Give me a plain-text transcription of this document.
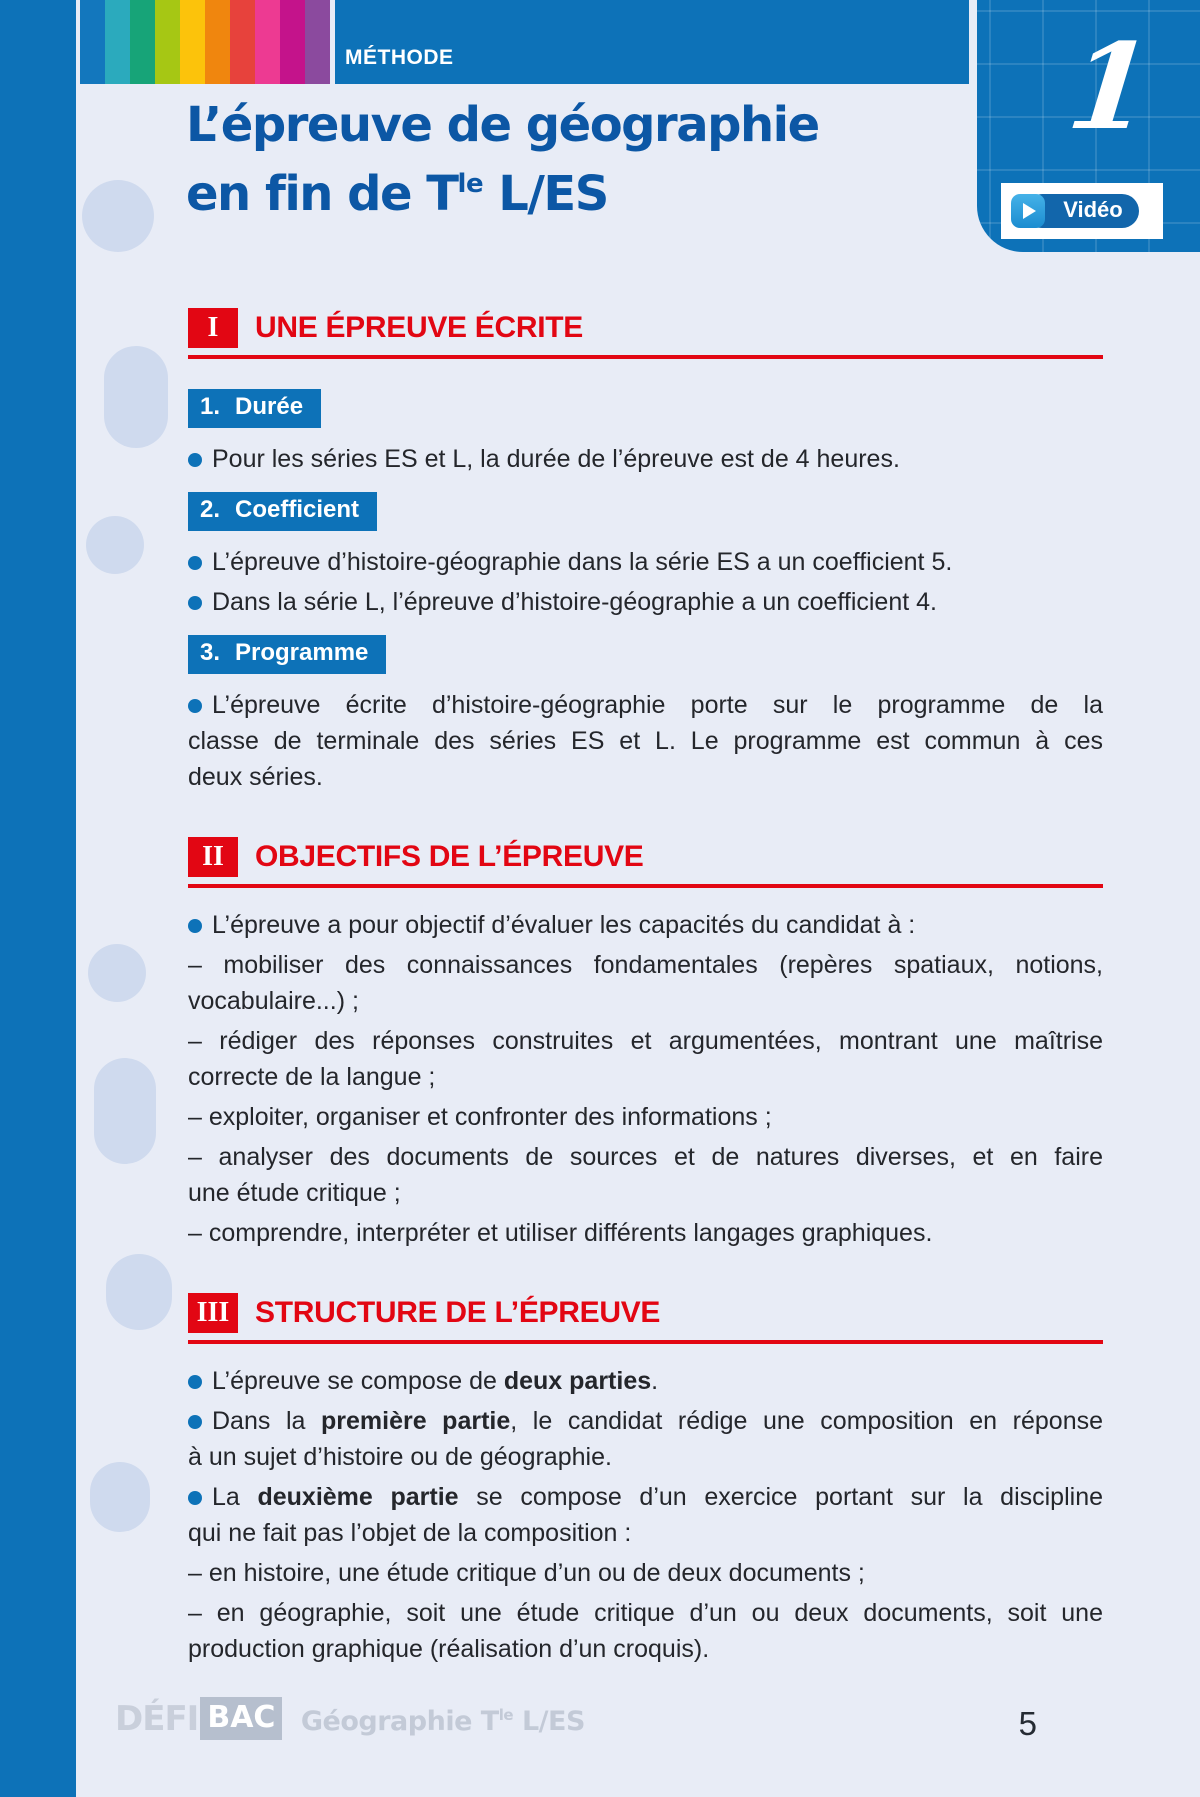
MÉTHODE	1
Vidéo
L’épreuve de géographie
en fin de $T^{le}$ L/ES
I	UNE ÉPREUVE ÉCRITE
1. Durée
Pour les séries ES et L, la durée de l’épreuve est de 4 heures.
2. Coefficient
L’épreuve d’histoire-géographie dans la série ES a un coefficient 5.
Dans la série L, l’épreuve d’histoire-géographie a un coefficient 4.
3. Programme
L’épreuve écrite d’histoire-géographie porte sur le programme de la
classe de terminale des séries ES et L. Le programme est commun à ces
deux séries.
II	OBJECTIFS DE L’ÉPREUVE
L’épreuve a pour objectif d’évaluer les capacités du candidat à :
– mobiliser des connaissances fondamentales (repères spatiaux, notions,
vocabulaire...) ;
– rédiger des réponses construites et argumentées, montrant une maîtrise
correcte de la langue ;
– exploiter, organiser et confronter des informations ;
– analyser des documents de sources et de natures diverses, et en faire
une étude critique ;
– comprendre, interpréter et utiliser différents langages graphiques.
III STRUCTURE DE L’ÉPREUVE
L’épreuve se compose de deux parties.
Dans la première partie, le candidat rédige une composition en réponse
à un sujet d’histoire ou de géographie.
La deuxième partie se compose d’un exercice portant sur la discipline
qui ne fait pas l’objet de la composition :
– en histoire, une étude critique d’un ou de deux documents ;
– en géographie, soit une étude critique d’un ou deux documents, soit une
production graphique (réalisation d’un croquis).
DÉFI BAC Géographie $T^{le}$ L/ES	5
